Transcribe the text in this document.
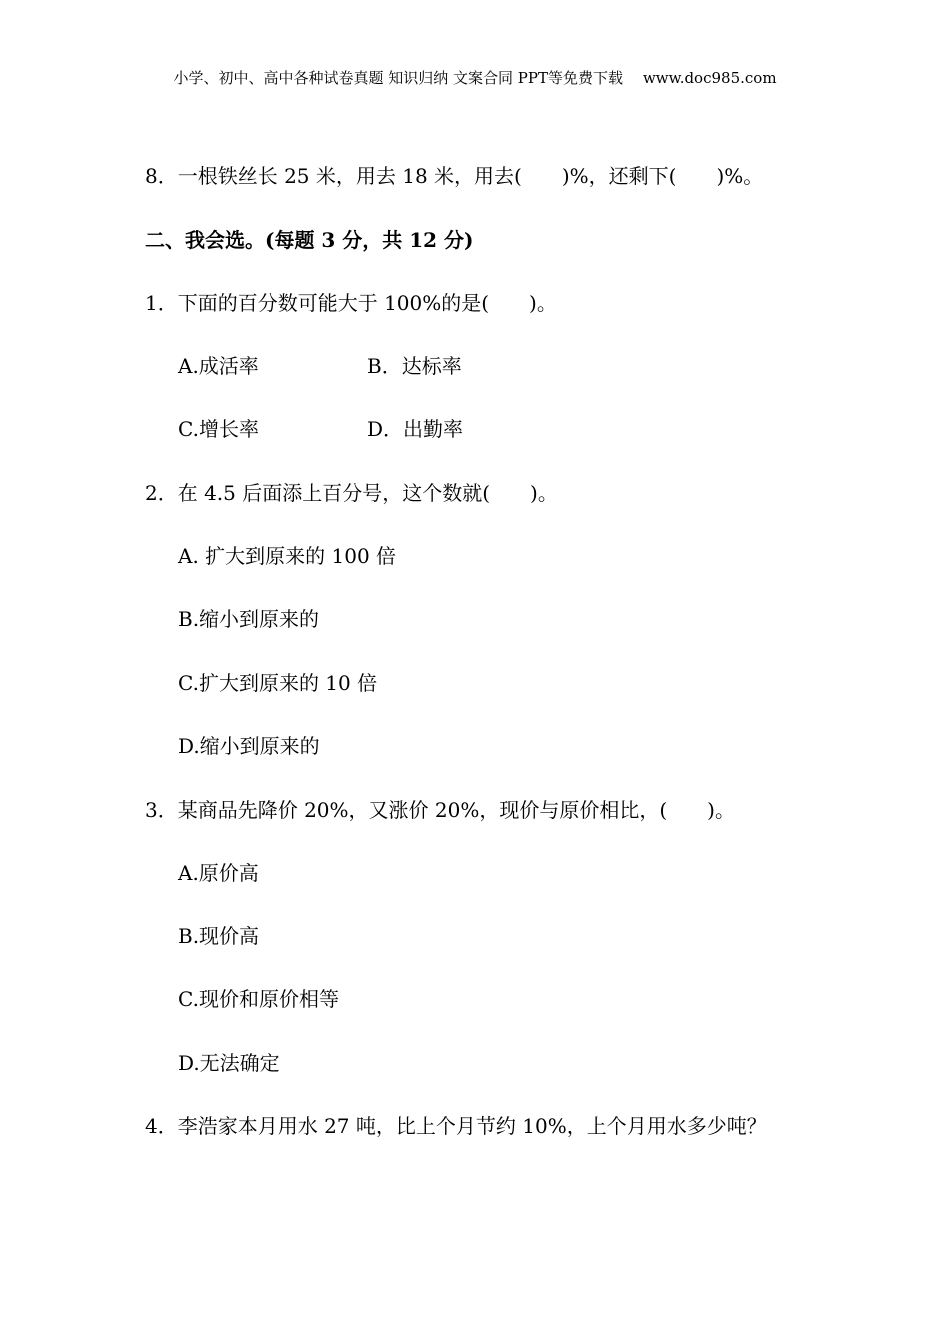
小学、初中、高中各种试卷真题 知识归纳 文案合同 PPT等免费下载 www.doc985.com
8．一根铁丝长 25 米，用去 18 米，用去(　　)%，还剩下(　　)%。
二、我会选。(每题 3 分，共 12 分)
1．下面的百分数可能大于 100%的是(　　)。
A.成活率	B．达标率
C.增长率	D．出勤率
2．在 4.5 后面添上百分号，这个数就(　　)。
A. 扩大到原来的 100 倍
B.缩小到原来的
C.扩大到原来的 10 倍
D.缩小到原来的
3．某商品先降价 20%，又涨价 20%，现价与原价相比，(　　)。
A.原价高
B.现价高
C.现价和原价相等
D.无法确定
4．李浩家本月用水 27 吨，比上个月节约 10%，上个月用水多少吨？
